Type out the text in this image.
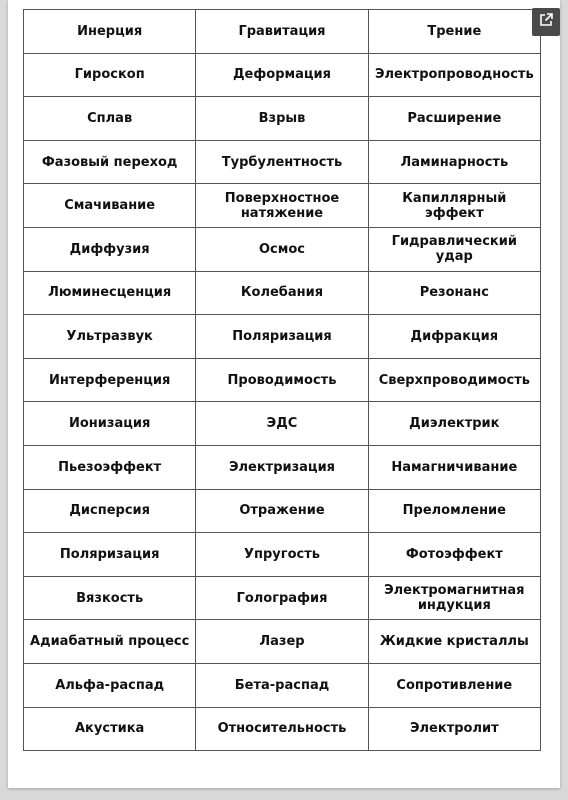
Инерция	Гравитация	Трение
Гироскоп	Деформация	Электропроводность
Сплав	Взрыв	Расширение
Фазовый переход	Турбулентность	Ламинарность
Смачивание	Поверхностное натяжение	Капиллярный эффект
Диффузия	Осмос	Гидравлический удар
Люминесценция	Колебания	Резонанс
Ультразвук	Поляризация	Дифракция
Интерференция	Проводимость	Сверхпроводимость
Ионизация	ЭДС	Диэлектрик
Пьезоэффект	Электризация	Намагничивание
Дисперсия	Отражение	Преломление
Поляризация	Упругость	Фотоэффект
Вязкость	Голография	Электромагнитная индукция
Адиабатный процесс	Лазер	Жидкие кристаллы
Альфа-распад	Бета-распад	Сопротивление
Акустика	Относительность	Электролит
